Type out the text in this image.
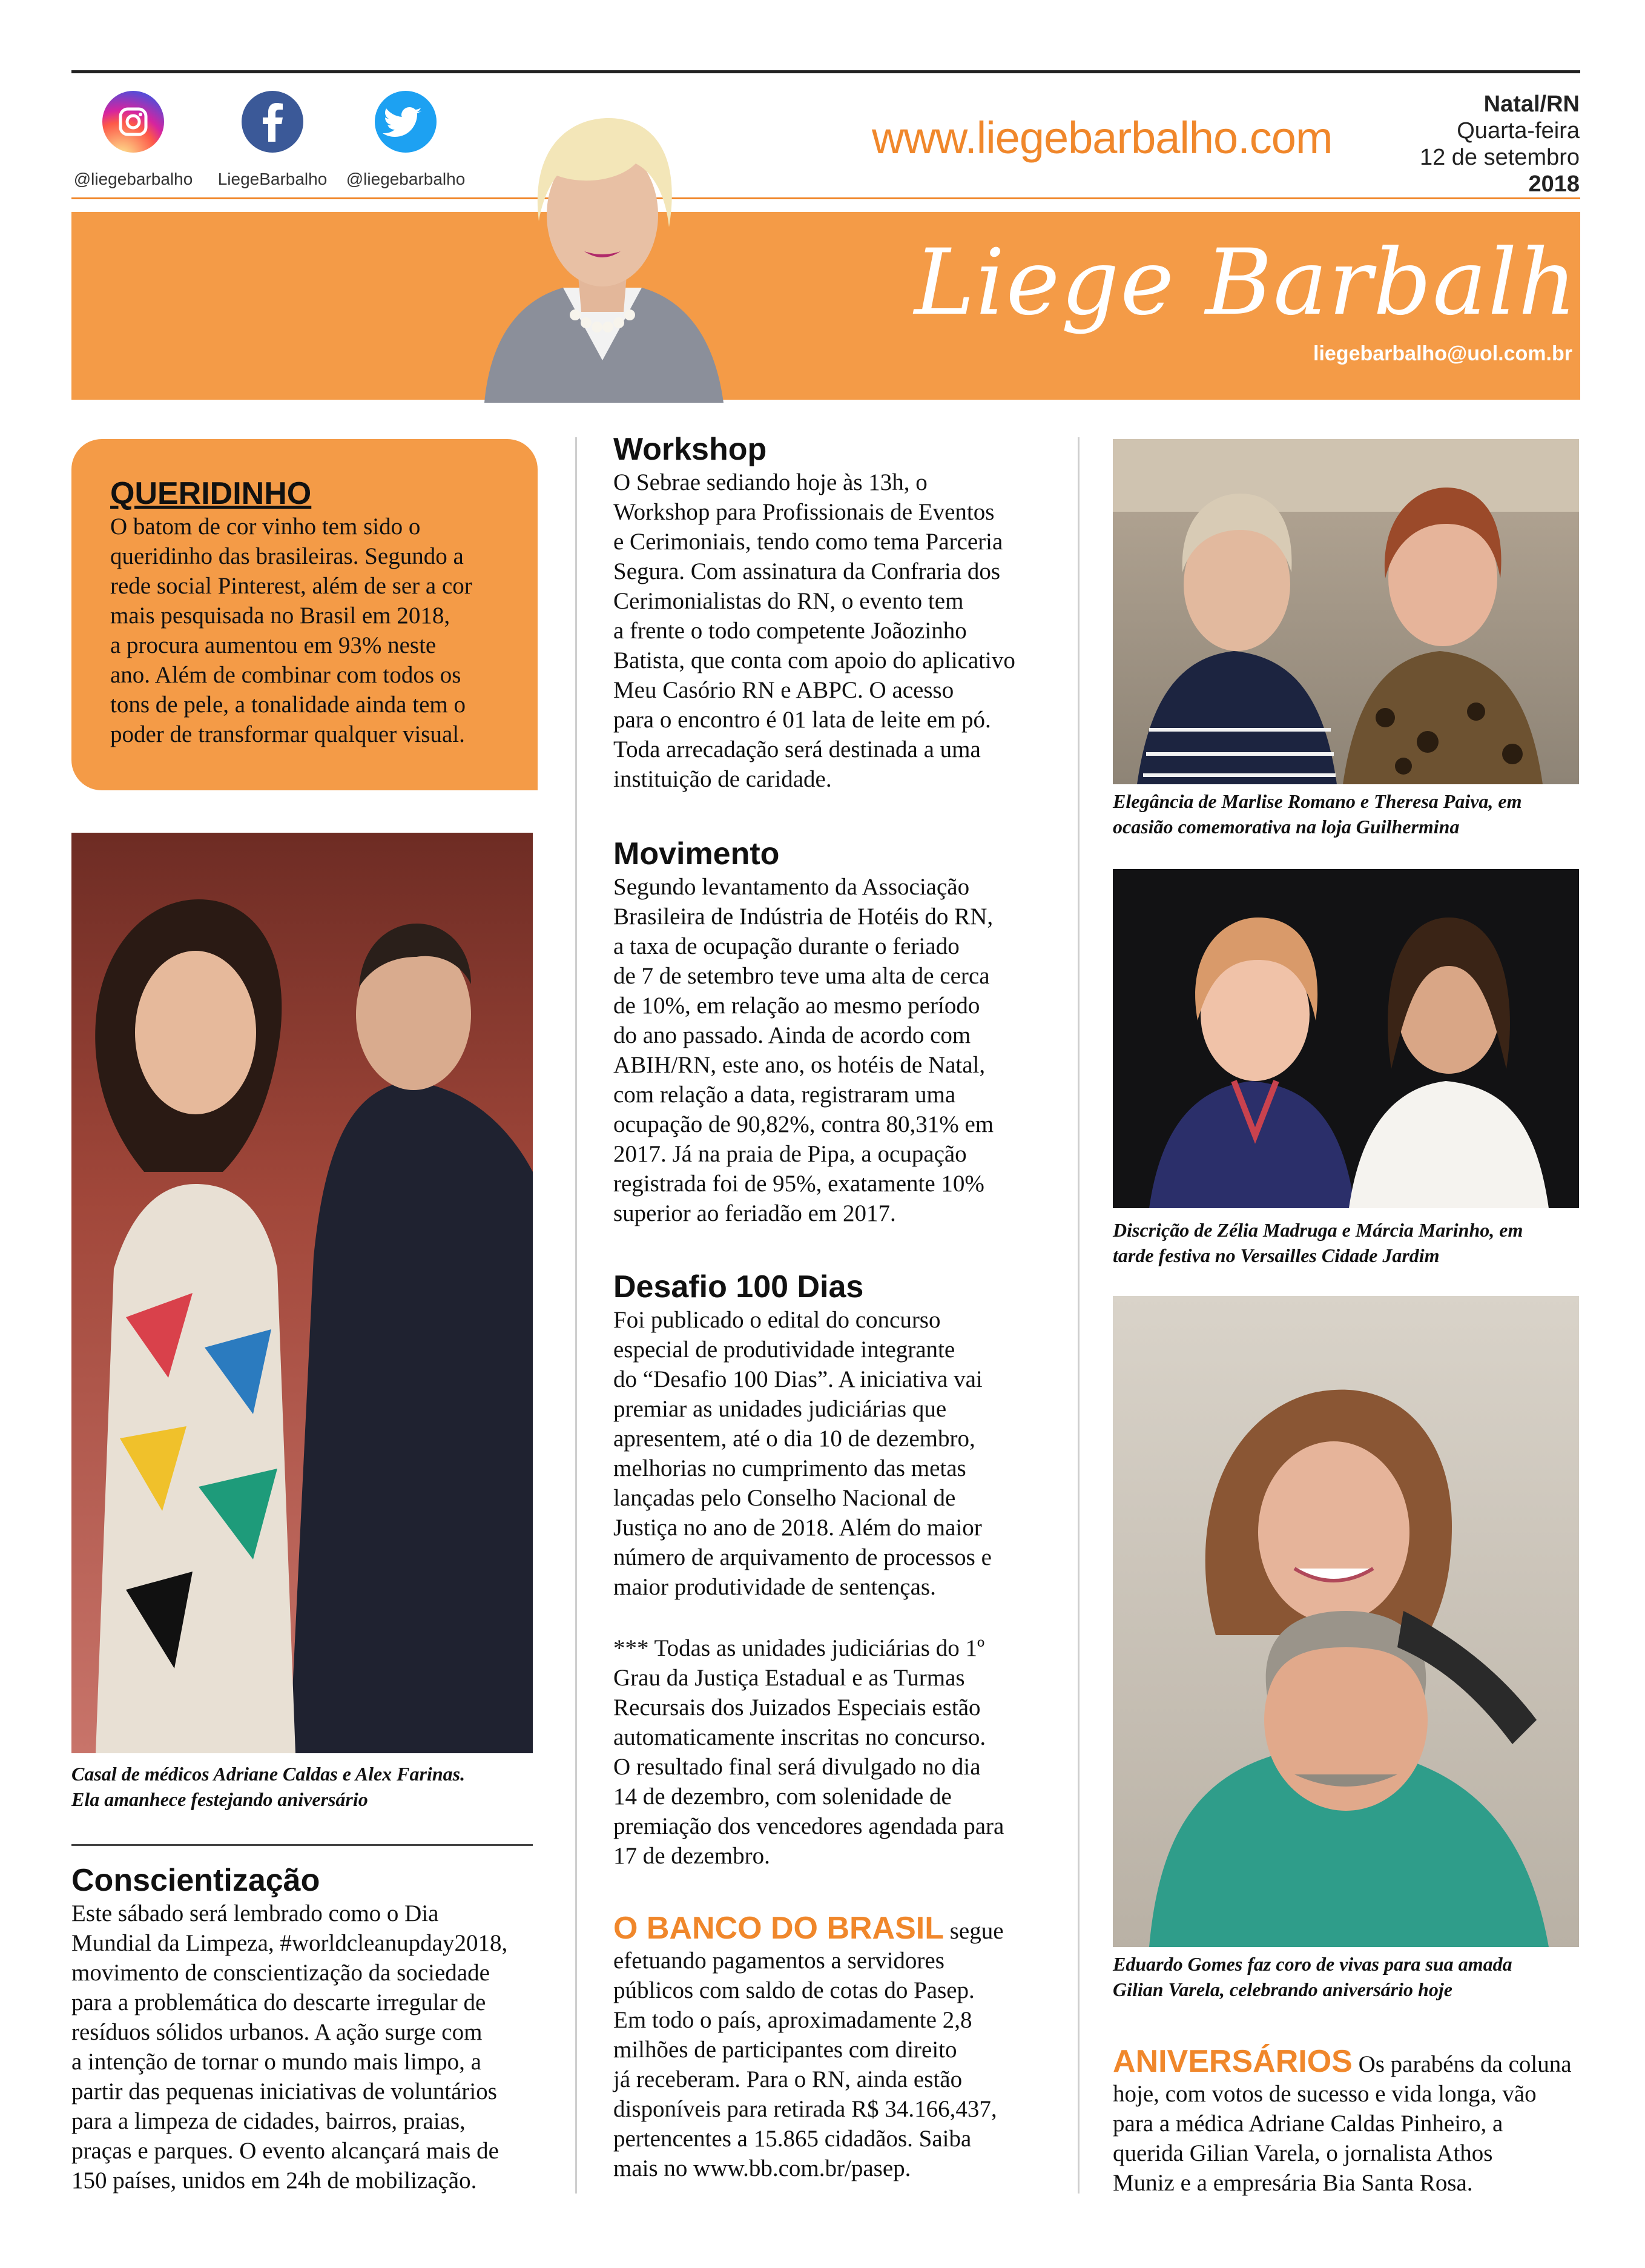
@liegebarbalho	LiegeBarbalho	@liegebarbalho
www.liegebarbalho.com
Natal/RN
Quarta-feira
12 de setembro
2018
Liege Barbalho
liegebarbalho@uol.com.br
QUERIDINHO

O batom de cor vinho tem sido o

queridinho das brasileiras. Segundo a

rede social Pinterest, além de ser a cor

mais pesquisada no Brasil em 2018,

a procura aumentou em 93% neste

ano. Além de combinar com todos os

tons de pele, a tonalidade ainda tem o

poder de transformar qualquer visual.

Casal de médicos Adriane Caldas e Alex Farinas.
Ela amanhece festejando aniversário
Conscientização

Este sábado será lembrado como o Dia

Mundial da Limpeza, #worldcleanupday2018,

movimento de conscientização da sociedade

para a problemática do descarte irregular de

resíduos sólidos urbanos. A ação surge com

a intenção de tornar o mundo mais limpo, a

partir das pequenas iniciativas de voluntários

para a limpeza de cidades, bairros, praias,

praças e parques. O evento alcançará mais de

150 países, unidos em 24h de mobilização.

Workshop

O Sebrae sediando hoje às 13h, o

Workshop para Profissionais de Eventos

e Cerimoniais, tendo como tema Parceria

Segura. Com assinatura da Confraria dos

Cerimonialistas do RN, o evento tem

a frente o todo competente Joãozinho

Batista, que conta com apoio do aplicativo

Meu Casório RN e ABPC. O acesso

para o encontro é 01 lata de leite em pó.

Toda arrecadação será destinada a uma

instituição de caridade.

Movimento

Segundo levantamento da Associação

Brasileira de Indústria de Hotéis do RN,

a taxa de ocupação durante o feriado

de 7 de setembro teve uma alta de cerca

de 10%, em relação ao mesmo período

do ano passado. Ainda de acordo com

ABIH/RN, este ano, os hotéis de Natal,

com relação a data, registraram uma

ocupação de 90,82%, contra 80,31% em

2017. Já na praia de Pipa, a ocupação

registrada foi de 95%, exatamente 10%

superior ao feriadão em 2017.

Desafio 100 Dias

Foi publicado o edital do concurso

especial de produtividade integrante

do “Desafio 100 Dias”. A iniciativa vai

premiar as unidades judiciárias que

apresentem, até o dia 10 de dezembro,

melhorias no cumprimento das metas

lançadas pelo Conselho Nacional de

Justiça no ano de 2018. Além do maior

número de arquivamento de processos e

maior produtividade de sentenças.

*** Todas as unidades judiciárias do 1º

Grau da Justiça Estadual e as Turmas

Recursais dos Juizados Especiais estão

automaticamente inscritas no concurso.

O resultado final será divulgado no dia

14 de dezembro, com solenidade de

premiação dos vencedores agendada para

17 de dezembro.

O BANCO DO BRASIL segue

efetuando pagamentos a servidores

públicos com saldo de cotas do Pasep.

Em todo o país, aproximadamente 2,8

milhões de participantes com direito

já receberam. Para o RN, ainda estão

disponíveis para retirada R$ 34.166,437,

pertencentes a 15.865 cidadãos. Saiba

mais no www.bb.com.br/pasep.

Elegância de Marlise Romano e Theresa Paiva, em
ocasião comemorativa na loja Guilhermina
Discrição de Zélia Madruga e Márcia Marinho, em
tarde festiva no Versailles Cidade Jardim
Eduardo Gomes faz coro de vivas para sua amada
Gilian Varela, celebrando aniversário hoje

ANIVERSÁRIOS Os parabéns da coluna

hoje, com votos de sucesso e vida longa, vão

para a médica Adriane Caldas Pinheiro, a

querida Gilian Varela, o jornalista Athos

Muniz e a empresária Bia Santa Rosa.
